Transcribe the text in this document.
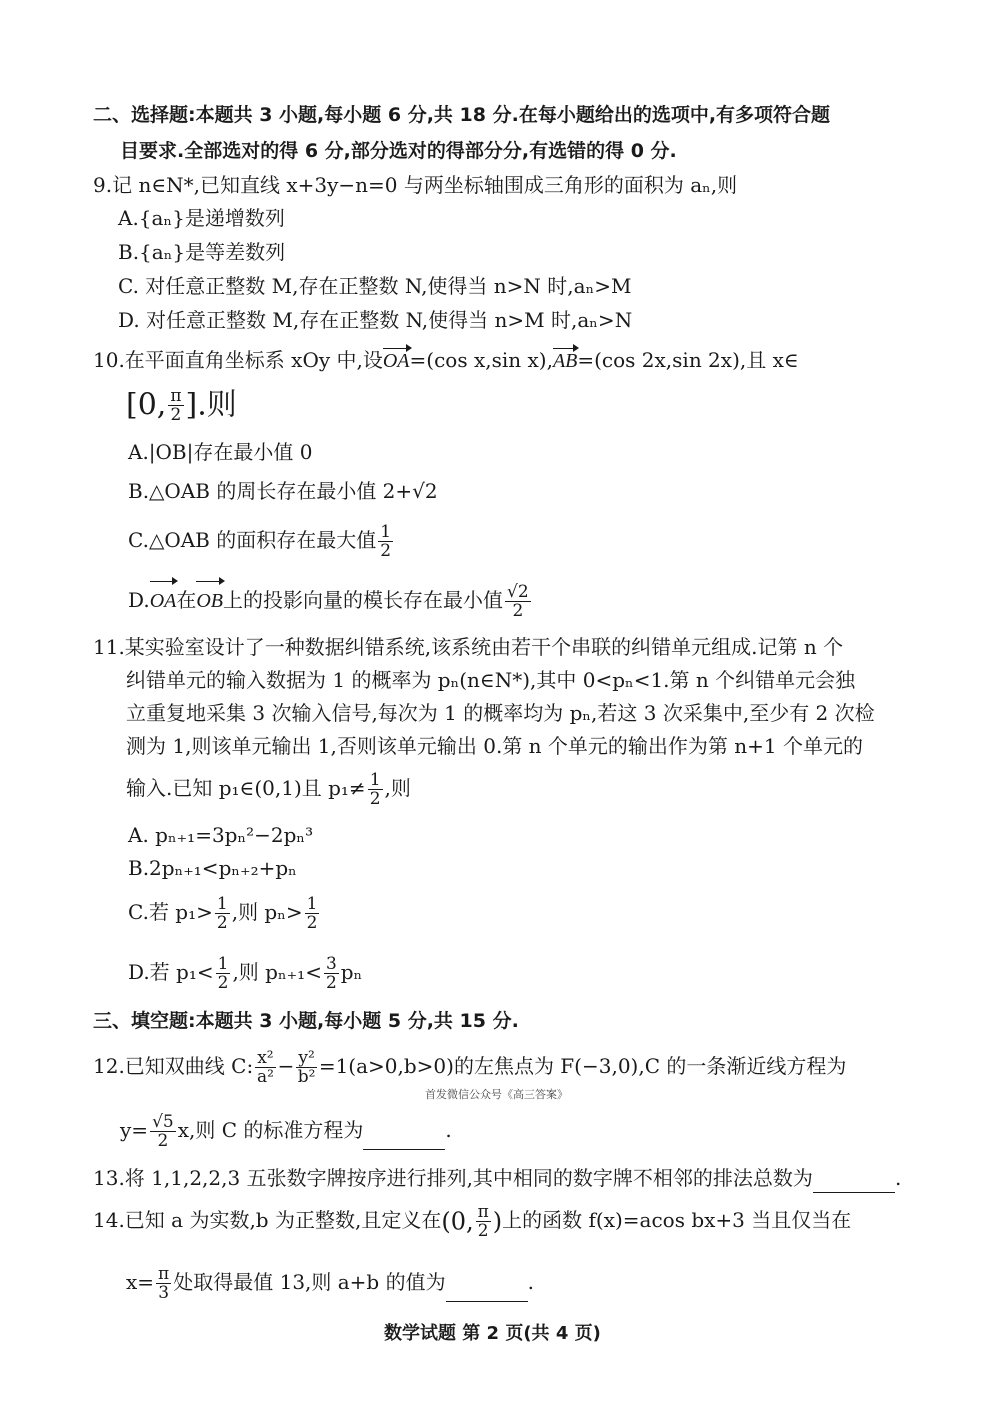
二、选择题:本题共 3 小题,每小题 6 分,共 18 分.在每小题给出的选项中,有多项符合题
目要求.全部选对的得 6 分,部分选对的得部分分,有选错的得 0 分.
9.记 n∈N*,已知直线 x+3y−n=0 与两坐标轴围成三角形的面积为 aₙ,则
A.{aₙ}是递增数列
B.{aₙ}是等差数列
C. 对任意正整数 M,存在正整数 N,使得当 n>N 时,aₙ>M
D. 对任意正整数 M,存在正整数 N,使得当 n>M 时,aₙ>N
10.在平面直角坐标系 xOy 中,设OA=(cos x,sin x),AB=(cos 2x,sin 2x),且 x∈
[0, $\frac{\pi}{2}$ ].则
A.|OB|存在最小值 0
B.△OAB 的周长存在最小值 2+√2
C.△OAB 的面积存在最大值 $\frac{1}{2}$
D.OA在OB上的投影向量的模长存在最小值 $\frac{√2}{2}$
11.某实验室设计了一种数据纠错系统,该系统由若干个串联的纠错单元组成.记第 n 个
纠错单元的输入数据为 1 的概率为 pₙ(n∈N*),其中 0<pₙ<1.第 n 个纠错单元会独
立重复地采集 3 次输入信号,每次为 1 的概率均为 pₙ,若这 3 次采集中,至少有 2 次检
测为 1,则该单元输出 1,否则该单元输出 0.第 n 个单元的输出作为第 n+1 个单元的
输入.已知 p₁∈(0,1)且 $p_1\ne \frac{1}{2}$ ,则
A. pₙ₊₁=3pₙ²−2pₙ³
B.2pₙ₊₁<pₙ₊₂+pₙ
C.若 $p_1> \frac{1}{2}$ ,则 $p_n> \frac{1}{2}$
D.若 $p_1< \frac{1}{2}$ ,则 $p_{n+1}< \frac{3}{2}$ pₙ
三、填空题:本题共 3 小题,每小题 5 分,共 15 分.
12.已知双曲线 C: $\frac{\text{x²}}{\text{a²}} - \frac{\text{y²}}{\text{b²}} =1(a>0,b>0)$的左焦点为 F(−3,0),C 的一条渐近线方程为
首发微信公众号《高三答案》
$y= \frac{√5}{2} x$,则 C 的标准方程为	.
13.将 1,1,2,2,3 五张数字牌按序进行排列,其中相同的数字牌不相邻的排法总数为	.
14.已知 a 为实数,b 为正整数,且定义在(0, $\frac{\pi}{2}$ )上的函数 f(x)=acos bx+3 当且仅当在
$x= \frac{\pi}{3}$ 处取得最值 13,则 a+b 的值为	.
数学试题 第 2 页(共 4 页)
